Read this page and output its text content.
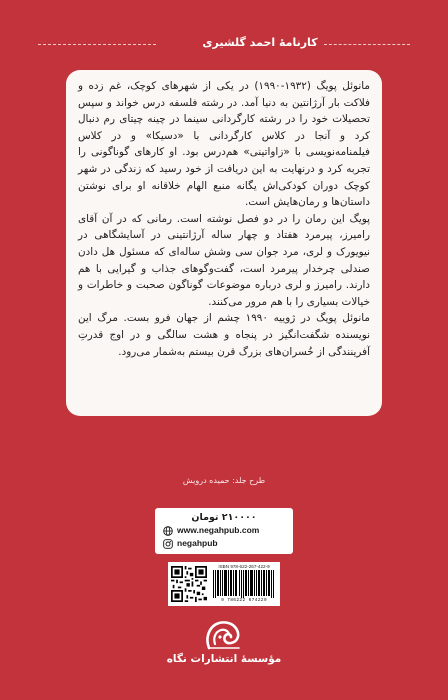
کارنامهٔ احمد گلشیری

مانوئل پویگ (۱۹۳۲-۱۹۹۰) در یکی از شهرهای کوچک، غم زده و فلاکت بار آرژانتین به دنیا آمد. در رشته فلسفه درس خواند و سپس تحصیلات خود را در رشته کارگردانی سینما در چینه چیتای رم دنبال کرد و آنجا در کلاس کارگردانی با «دسیکا» و در کلاس فیلمنامه‌نویسی با «زاواتینی» هم‌درس بود. او کارهای گوناگونی را تجربه کرد و درنهایت به این دریافت از خود رسید که زندگی در شهر کوچک دوران کودکی‌اش یگانه منبع الهام خلاقانه او برای نوشتن داستان‌ها و رمان‌هایش است.

پویگ این رمان را در دو فصل نوشته است. رمانی که در آن آقای رامیرز، پیرمرد هفتاد و چهار ساله آرژانتینی در آسایشگاهی در نیویورک و لری، مرد جوان سی وشش ساله‌ای که مسئول هل دادن صندلی چرخدار پیرمرد است، گفت‌وگوهای جذاب و گیرایی با هم دارند. رامیرز و لری درباره موضوعات گوناگون صحبت و خاطرات و خیالات بسیاری را با هم مرور می‌کنند.

مانوئل پویگ در ژوییه ۱۹۹۰ چشم از جهان فرو بست. مرگ این نویسنده شگفت‌انگیز در پنجاه و هشت سالگی و در اوج قدرتِ آفرینندگی از خُسران‌های بزرگ قرن بیستم به‌شمار می‌رود.

طرح جلد: حمیده درویش
۲۱۰۰۰۰ تومان
www.negahpub.com
negahpub
ISBN 978-622-267-422-9
9 786222 674229
مؤسسهٔ انتشارات نگاه
